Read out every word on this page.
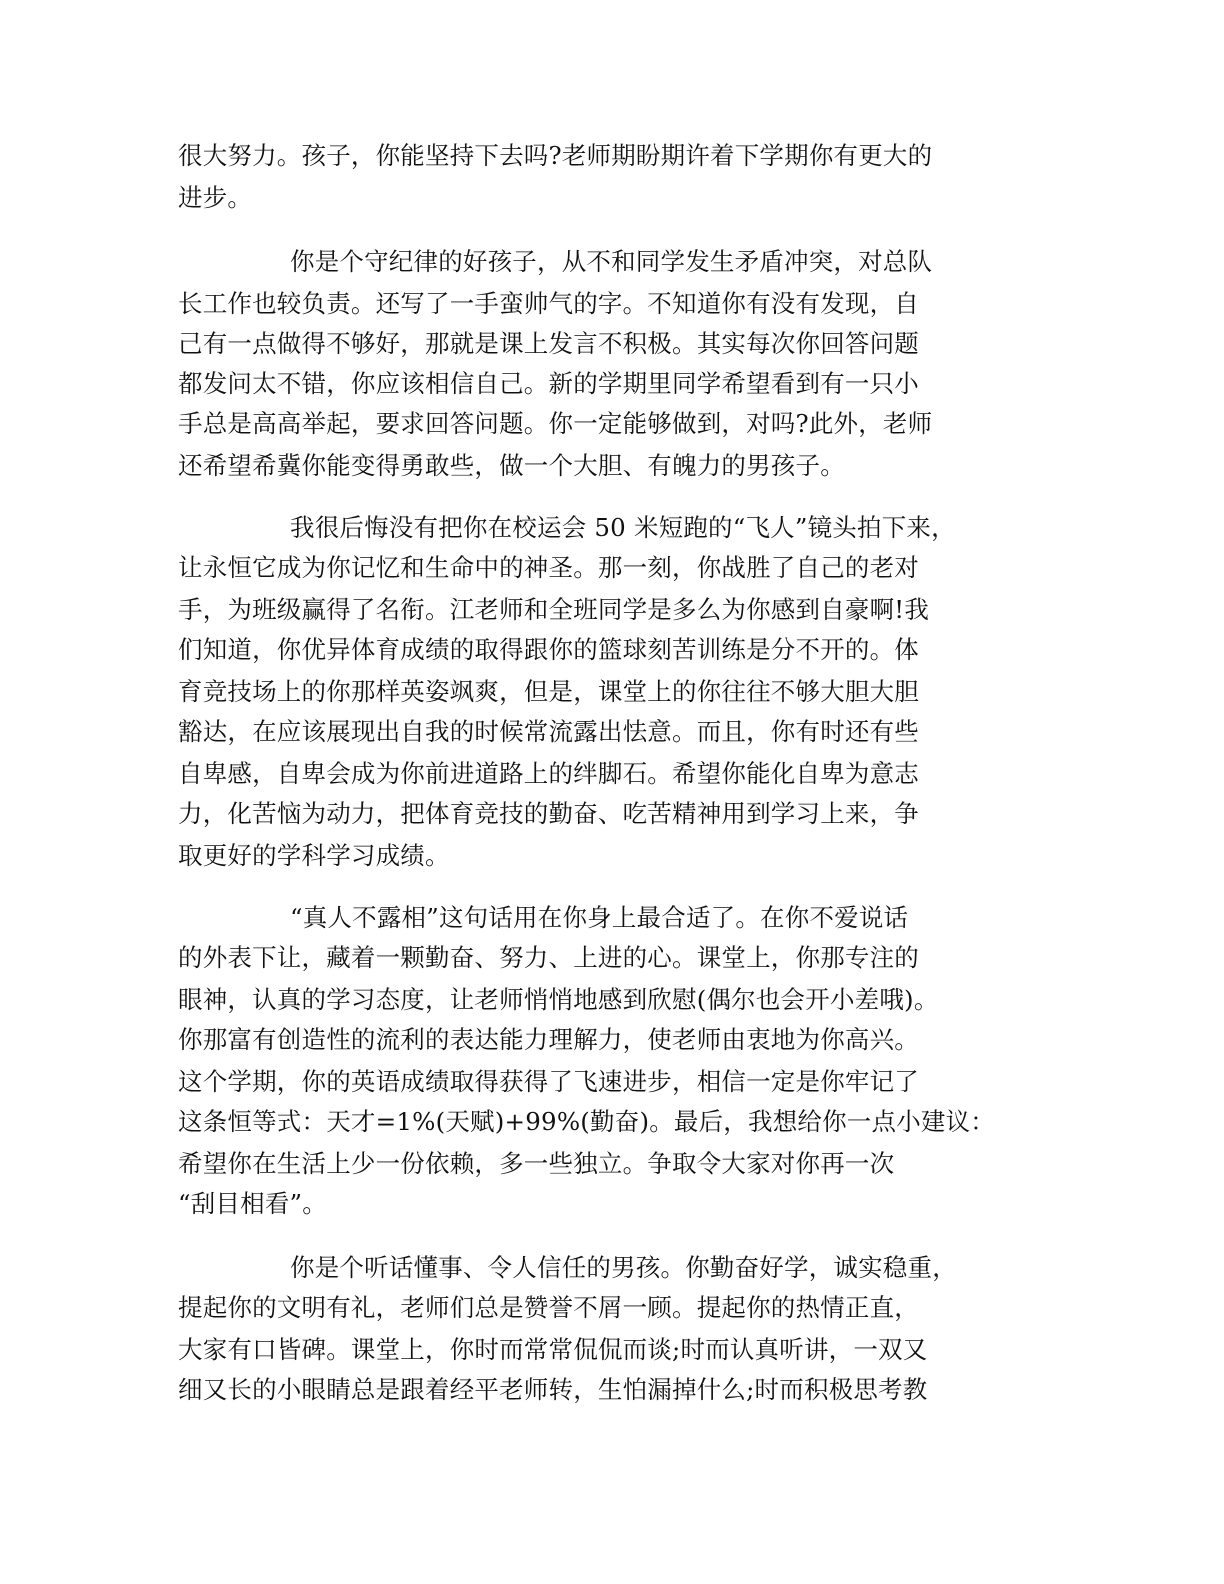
很大努力。孩子，你能坚持下去吗?老师期盼期许着下学期你有更大的
进步。
你是个守纪律的好孩子，从不和同学发生矛盾冲突，对总队
长工作也较负责。还写了一手蛮帅气的字。不知道你有没有发现，自
己有一点做得不够好，那就是课上发言不积极。其实每次你回答问题
都发问太不错，你应该相信自己。新的学期里同学希望看到有一只小
手总是高高举起，要求回答问题。你一定能够做到，对吗?此外，老师
还希望希冀你能变得勇敢些，做一个大胆、有魄力的男孩子。
我很后悔没有把你在校运会 50 米短跑的“飞人”镜头拍下来，
让永恒它成为你记忆和生命中的神圣。那一刻，你战胜了自己的老对
手，为班级赢得了名衔。江老师和全班同学是多么为你感到自豪啊!我
们知道，你优异体育成绩的取得跟你的篮球刻苦训练是分不开的。体
育竞技场上的你那样英姿飒爽，但是，课堂上的你往往不够大胆大胆
豁达，在应该展现出自我的时候常流露出怯意。而且，你有时还有些
自卑感，自卑会成为你前进道路上的绊脚石。希望你能化自卑为意志
力，化苦恼为动力，把体育竞技的勤奋、吃苦精神用到学习上来，争
取更好的学科学习成绩。
“真人不露相”这句话用在你身上最合适了。在你不爱说话
的外表下让，藏着一颗勤奋、努力、上进的心。课堂上，你那专注的
眼神，认真的学习态度，让老师悄悄地感到欣慰(偶尔也会开小差哦)。
你那富有创造性的流利的表达能力理解力，使老师由衷地为你高兴。
这个学期，你的英语成绩取得获得了飞速进步，相信一定是你牢记了
这条恒等式：天才=1%(天赋)+99%(勤奋)。最后，我想给你一点小建议：
希望你在生活上少一份依赖，多一些独立。争取令大家对你再一次
“刮目相看”。
你是个听话懂事、令人信任的男孩。你勤奋好学，诚实稳重，
提起你的文明有礼，老师们总是赞誉不屑一顾。提起你的热情正直，
大家有口皆碑。课堂上，你时而常常侃侃而谈;时而认真听讲，一双又
细又长的小眼睛总是跟着经平老师转，生怕漏掉什么;时而积极思考教
